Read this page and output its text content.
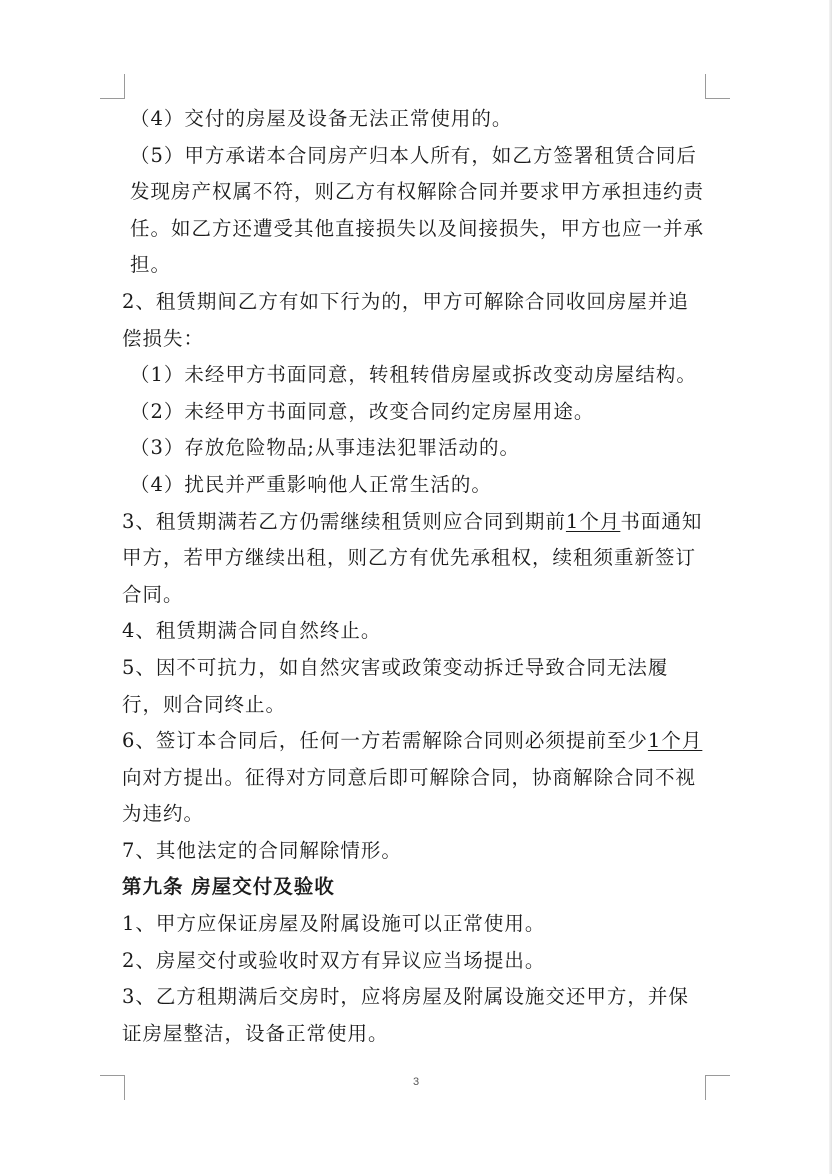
（4）交付的房屋及设备无法正常使用的。

（5）甲方承诺本合同房产归本人所有，如乙方签署租赁合同后发现房产权属不符，则乙方有权解除合同并要求甲方承担违约责任。如乙方还遭受其他直接损失以及间接损失，甲方也应一并承担。

2、租赁期间乙方有如下行为的，甲方可解除合同收回房屋并追偿损失：

（1）未经甲方书面同意，转租转借房屋或拆改变动房屋结构。

（2）未经甲方书面同意，改变合同约定房屋用途。

（3）存放危险物品;从事违法犯罪活动的。

（4）扰民并严重影响他人正常生活的。

3、租赁期满若乙方仍需继续租赁则应合同到期前1个月书面通知甲方，若甲方继续出租，则乙方有优先承租权，续租须重新签订合同。

4、租赁期满合同自然终止。

5、因不可抗力，如自然灾害或政策变动拆迁导致合同无法履行，则合同终止。

6、签订本合同后，任何一方若需解除合同则必须提前至少1个月向对方提出。征得对方同意后即可解除合同，协商解除合同不视为违约。

7、其他法定的合同解除情形。

第九条 房屋交付及验收

1、甲方应保证房屋及附属设施可以正常使用。

2、房屋交付或验收时双方有异议应当场提出。

3、乙方租期满后交房时，应将房屋及附属设施交还甲方，并保证房屋整洁，设备正常使用。

3
